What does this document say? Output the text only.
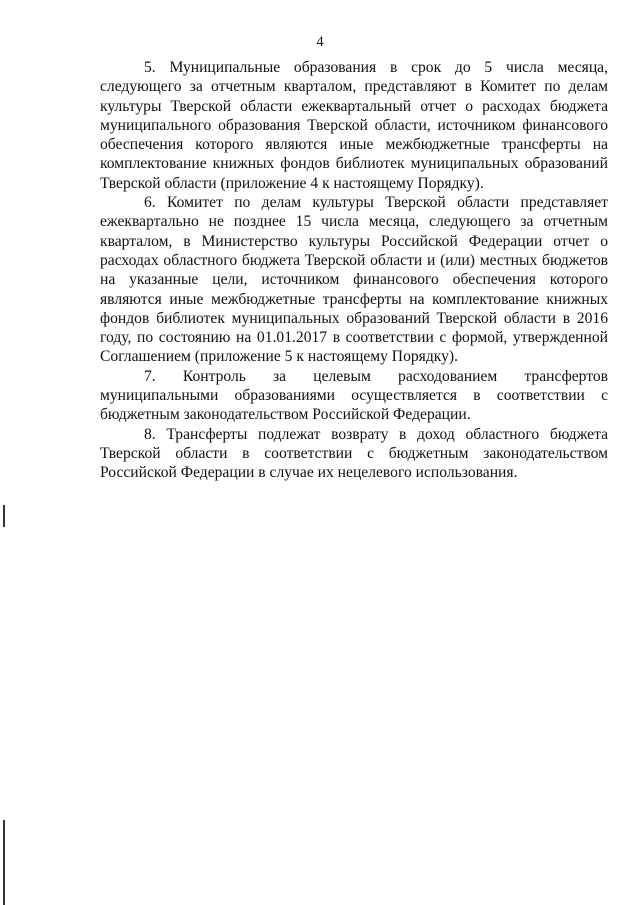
4

5. Муниципальные образования в срок до 5 числа месяца, следующего за отчетным кварталом, представляют в Комитет по делам культуры Тверской области ежеквартальный отчет о расходах бюджета муниципального образования Тверской области, источником финансового обеспечения которого являются иные межбюджетные трансферты на комплектование книжных фондов библиотек муниципальных образований Тверской области (приложение 4 к настоящему Порядку).

6. Комитет по делам культуры Тверской области представляет ежеквартально не позднее 15 числа месяца, следующего за отчетным кварталом, в Министерство культуры Российской Федерации отчет о расходах областного бюджета Тверской области и (или) местных бюджетов на указанные цели, источником финансового обеспечения которого являются иные межбюджетные трансферты на комплектование книжных фондов библиотек муниципальных образований Тверской области в 2016 году, по состоянию на 01.01.2017 в соответствии с формой, утвержденной Соглашением (приложение 5 к настоящему Порядку).

7. Контроль за целевым расходованием трансфертов муниципальными образованиями осуществляется в соответствии с бюджетным законодательством Российской Федерации.

8. Трансферты подлежат возврату в доход областного бюджета Тверской области в соответствии с бюджетным законодательством Российской Федерации в случае их нецелевого использования.
